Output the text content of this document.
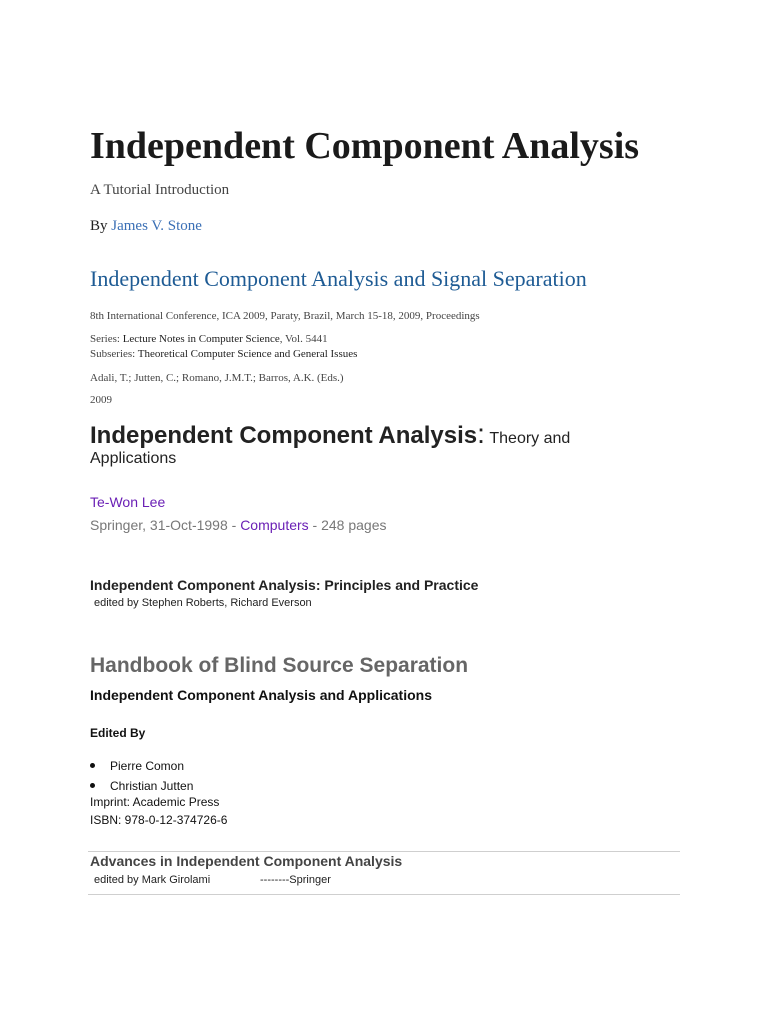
Independent Component Analysis
A Tutorial Introduction
By James V. Stone
Independent Component Analysis and Signal Separation
8th International Conference, ICA 2009, Paraty, Brazil, March 15-18, 2009, Proceedings
Series: Lecture Notes in Computer Science, Vol. 5441
Subseries: Theoretical Computer Science and General Issues
Adali, T.; Jutten, C.; Romano, J.M.T.; Barros, A.K. (Eds.)
2009
Independent Component Analysis: Theory and
Applications
Te-Won Lee
Springer, 31-Oct-1998 - Computers - 248 pages
Independent Component Analysis: Principles and Practice
edited by Stephen Roberts, Richard Everson
Handbook of Blind Source Separation
Independent Component Analysis and Applications
Edited By
Pierre Comon
Christian Jutten
Imprint: Academic Press
ISBN: 978-0-12-374726-6
Advances in Independent Component Analysis
edited by Mark Girolami	--------Springer
